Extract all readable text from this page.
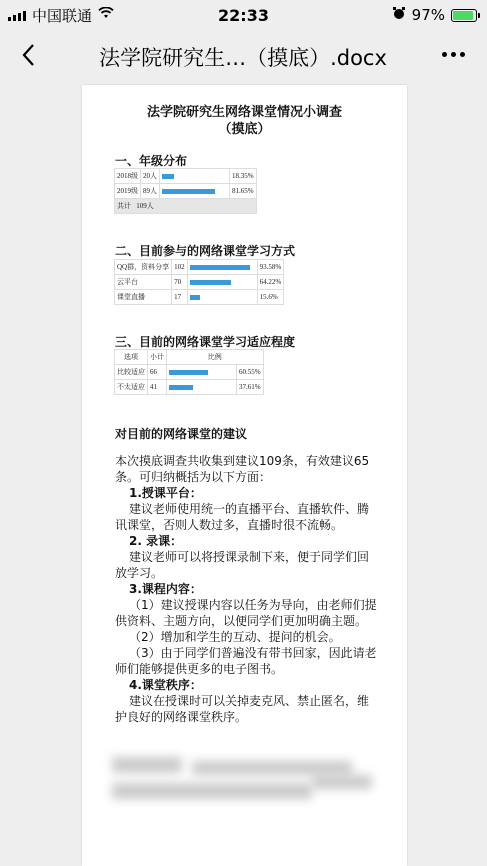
中国联通	22:33	97%
法学院研究生…（摸底）.docx
法学院研究生网络课堂情况小调查
（摸底）
一、年级分布
2018级	20人		18.35%
2019级	89人		81.65%
共计 109人			
二、目前参与的网络课堂学习方式
QQ群，资料分享	102		93.58%
云平台	70		64.22%
课堂直播	17		15.6%
三、目前的网络课堂学习适应程度
选项	小计	比例	
比较适应	66		60.55%
不太适应	41		37.61%
对目前的网络课堂的建议

本次摸底调查共收集到建议109条，有效建议65条。可归纳概括为以下方面：

1.授课平台：

建议老师使用统一的直播平台、直播软件、腾讯课堂，否则人数过多，直播时很不流畅。

2. 录课：

建议老师可以将授课录制下来，便于同学们回放学习。

3.课程内容：

（1）建议授课内容以任务为导向，由老师们提供资料、主题方向，以便同学们更加明确主题。

（2）增加和学生的互动、提问的机会。

（3）由于同学们普遍没有带书回家，因此请老师们能够提供更多的电子图书。

4.课堂秩序：

建议在授课时可以关掉麦克风、禁止匿名，维护良好的网络课堂秩序。
